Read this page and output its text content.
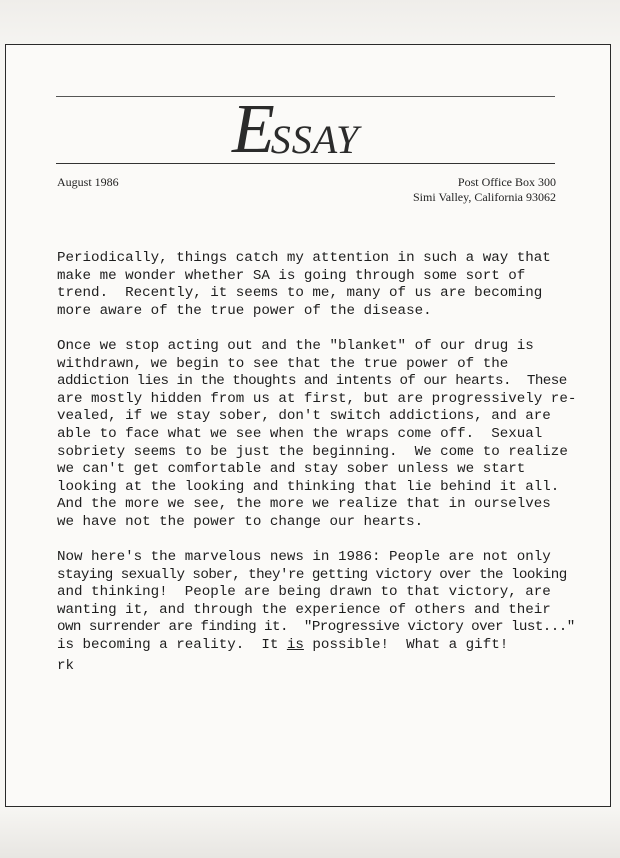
ESSAY
August 1986	Post Office Box 300
Simi Valley, California 93062
Periodically, things catch my attention in such a way that
make me wonder whether SA is going through some sort of
trend.  Recently, it seems to me, many of us are becoming
more aware of the true power of the disease.
Once we stop acting out and the "blanket" of our drug is
withdrawn, we begin to see that the true power of the
addiction lies in the thoughts and intents of our hearts.  These
are mostly hidden from us at first, but are progressively re-
vealed, if we stay sober, don't switch addictions, and are
able to face what we see when the wraps come off.  Sexual
sobriety seems to be just the beginning.  We come to realize
we can't get comfortable and stay sober unless we start
looking at the looking and thinking that lie behind it all.
And the more we see, the more we realize that in ourselves
we have not the power to change our hearts.
Now here's the marvelous news in 1986: People are not only
staying sexually sober, they're getting victory over the looking
and thinking!  People are being drawn to that victory, are
wanting it, and through the experience of others and their
own surrender are finding it.  "Progressive victory over lust..."
is becoming a reality.  It is possible!  What a gift!
rk
